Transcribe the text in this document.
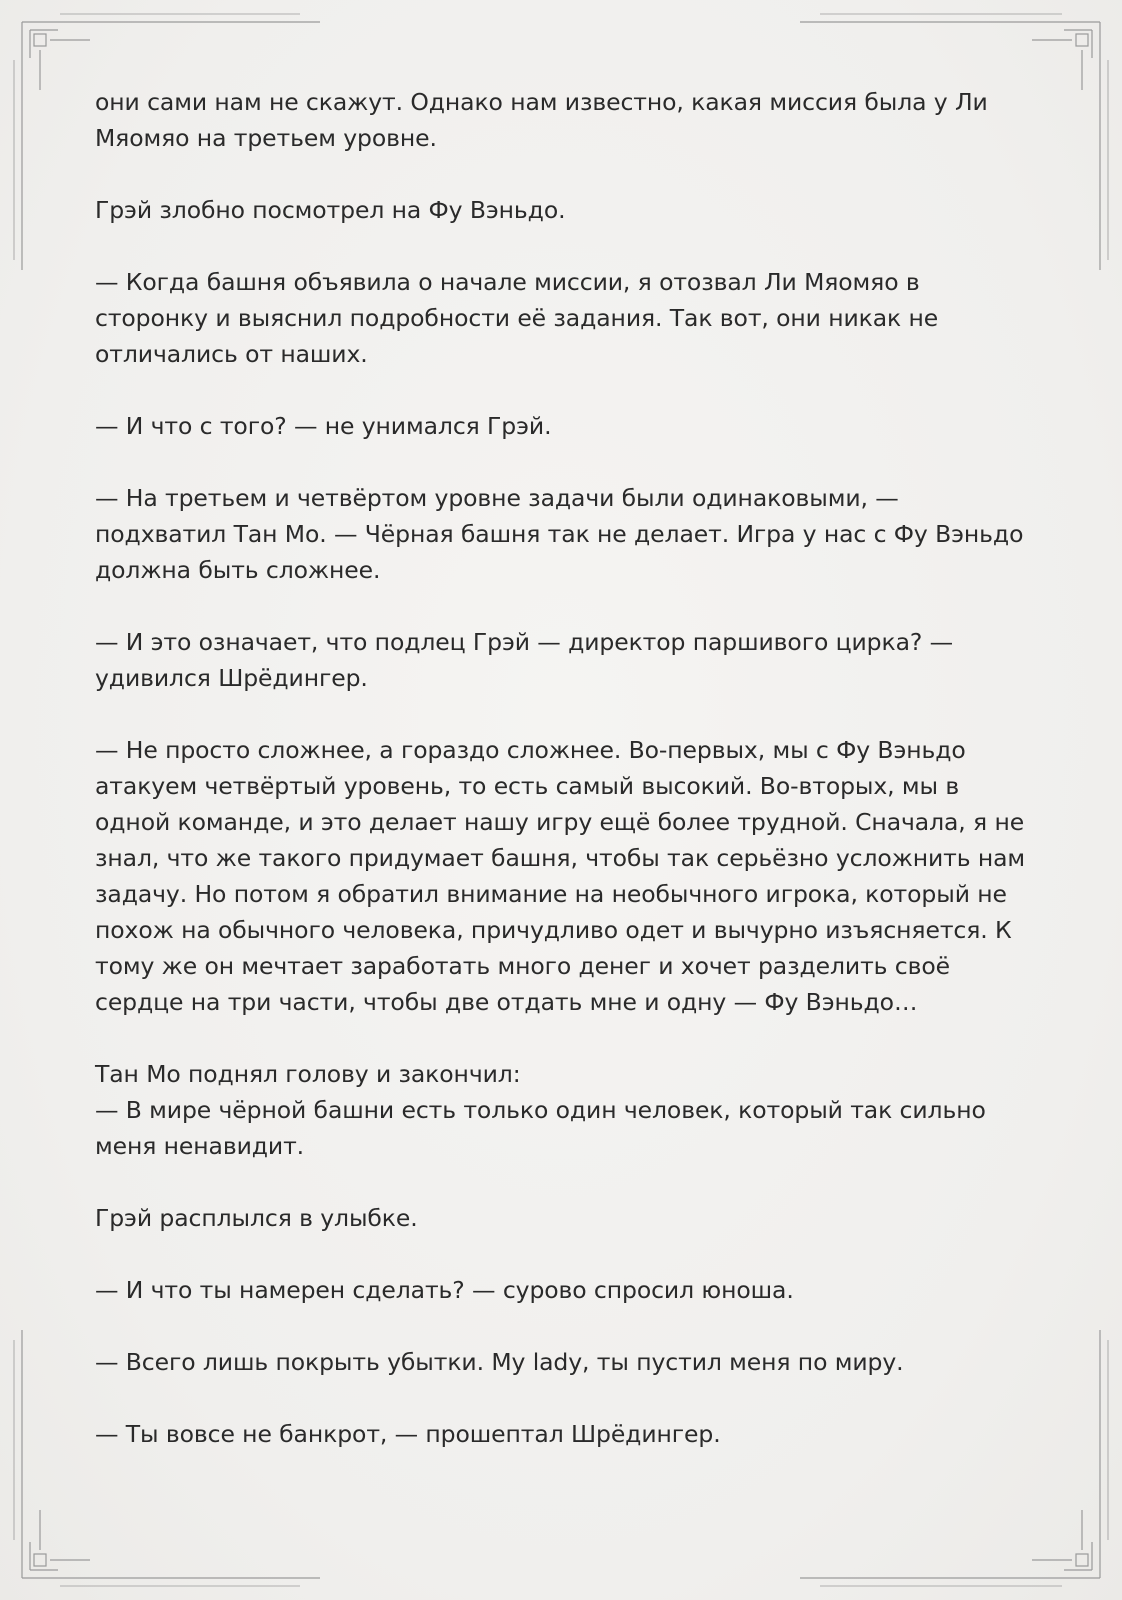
они сами нам не скажут. Однако нам известно, какая миссия была у Ли Мяомяо на третьем уровне.

Грэй злобно посмотрел на Фу Вэньдо.

— Когда башня объявила о начале миссии, я отозвал Ли Мяомяо в сторонку и выяснил подробности её задания. Так вот, они никак не отличались от наших.

— И что с того? — не унимался Грэй.

— На третьем и четвёртом уровне задачи были одинаковыми, — подхватил Тан Мо. — Чёрная башня так не делает. Игра у нас с Фу Вэньдо должна быть сложнее.

— И это означает, что подлец Грэй — директор паршивого цирка? — удивился Шрёдингер.

— Не просто сложнее, а гораздо сложнее. Во-первых, мы с Фу Вэньдо атакуем четвёртый уровень, то есть самый высокий. Во-вторых, мы в одной команде, и это делает нашу игру ещё более трудной. Сначала, я не знал, что же такого придумает башня, чтобы так серьёзно усложнить нам задачу. Но потом я обратил внимание на необычного игрока, который не похож на обычного человека, причудливо одет и вычурно изъясняется. К тому же он мечтает заработать много денег и хочет разделить своё сердце на три части, чтобы две отдать мне и одну — Фу Вэньдо…

Тан Мо поднял голову и закончил:

— В мире чёрной башни есть только один человек, который так сильно меня ненавидит.

Грэй расплылся в улыбке.

— И что ты намерен сделать? — сурово спросил юноша.

— Всего лишь покрыть убытки. My lady, ты пустил меня по миру.

— Ты вовсе не банкрот, — прошептал Шрёдингер.
